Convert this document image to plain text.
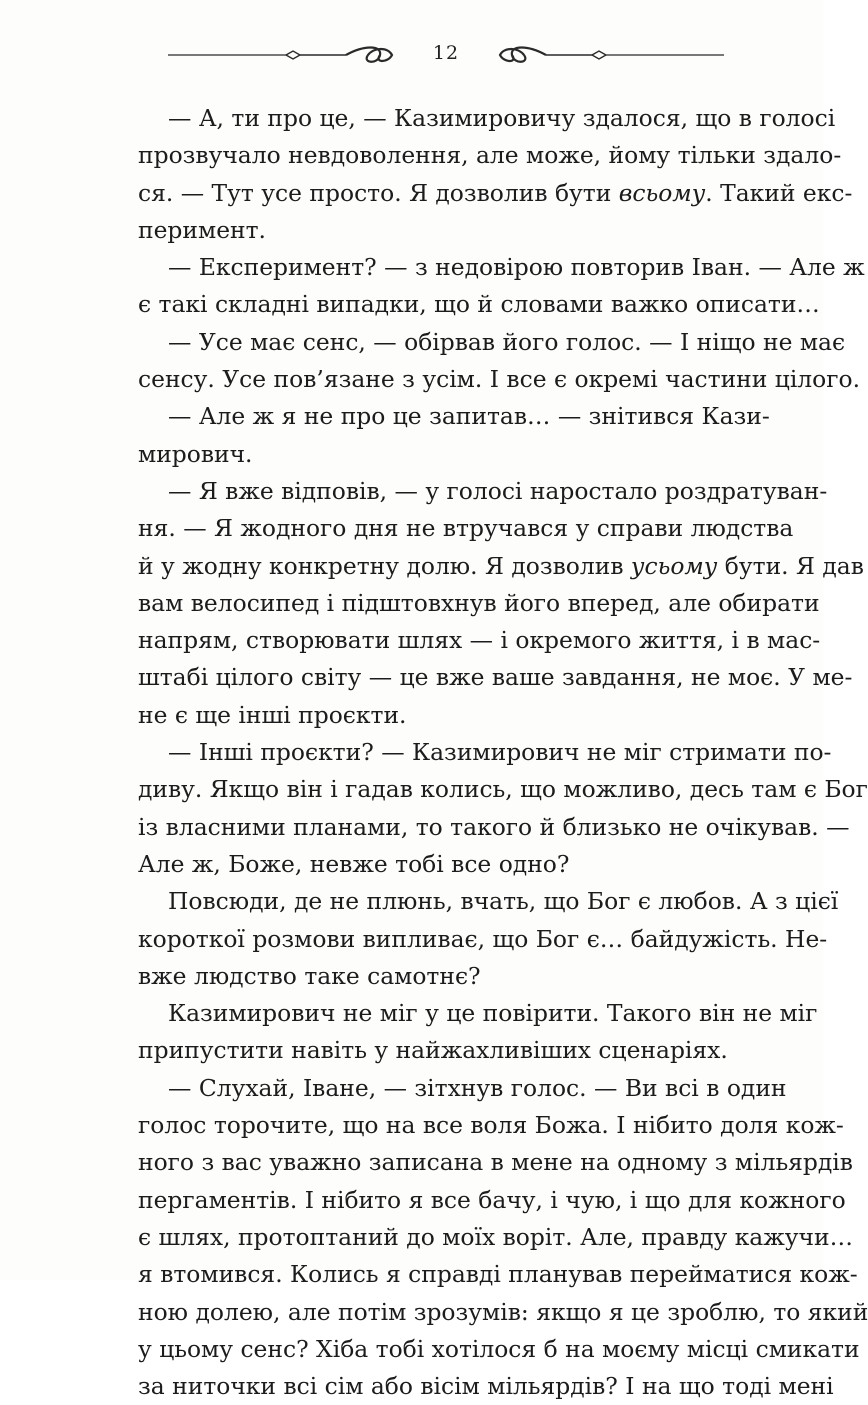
12
— А, ти про це, — Казимировичу здалося, що в голосі
прозвучало невдоволення, але може, йому тільки здало-
ся. — Тут усе просто. Я дозволив бути всьому. Такий екс-
перимент.
— Експеримент? — з недовірою повторив Іван. — Але ж
є такі складні випадки, що й словами важко описати…
— Усе має сенс, — обірвав його голос. — І ніщо не має
сенсу. Усе пов’язане з усім. І все є окремі частини цілого.
— Але ж я не про це запитав… — знітився Кази-
мирович.
— Я вже відповів, — у голосі наростало роздратуван-
ня. — Я жодного дня не втручався у справи людства
й у жодну конкретну долю. Я дозволив усьому бути. Я дав
вам велосипед і підштовхнув його вперед, але обирати
напрям, створювати шлях — і окремого життя, і в мас-
штабі цілого світу — це вже ваше завдання, не моє. У ме-
не є ще інші проєкти.
— Інші проєкти? — Казимирович не міг стримати по-
диву. Якщо він і гадав колись, що можливо, десь там є Бог
із власними планами, то такого й близько не очікував. —
Але ж, Боже, невже тобі все одно?
Повсюди, де не плюнь, вчать, що Бог є любов. А з цієї
короткої розмови випливає, що Бог є… байдужість. Не-
вже людство таке самотнє?
Казимирович не міг у це повірити. Такого він не міг
припустити навіть у найжахливіших сценаріях.
— Слухай, Іване, — зітхнув голос. — Ви всі в один
голос торочите, що на все воля Божа. І нібито доля кож-
ного з вас уважно записана в мене на одному з мільярдів
пергаментів. І нібито я все бачу, і чую, і що для кожного
є шлях, протоптаний до моїх воріт. Але, правду кажучи…
я втомився. Колись я справді планував перейматися кож-
ною долею, але потім зрозумів: якщо я це зроблю, то який
у цьому сенс? Хіба тобі хотілося б на моєму місці смикати
за ниточки всі сім або вісім мільярдів? І на що тоді мені
